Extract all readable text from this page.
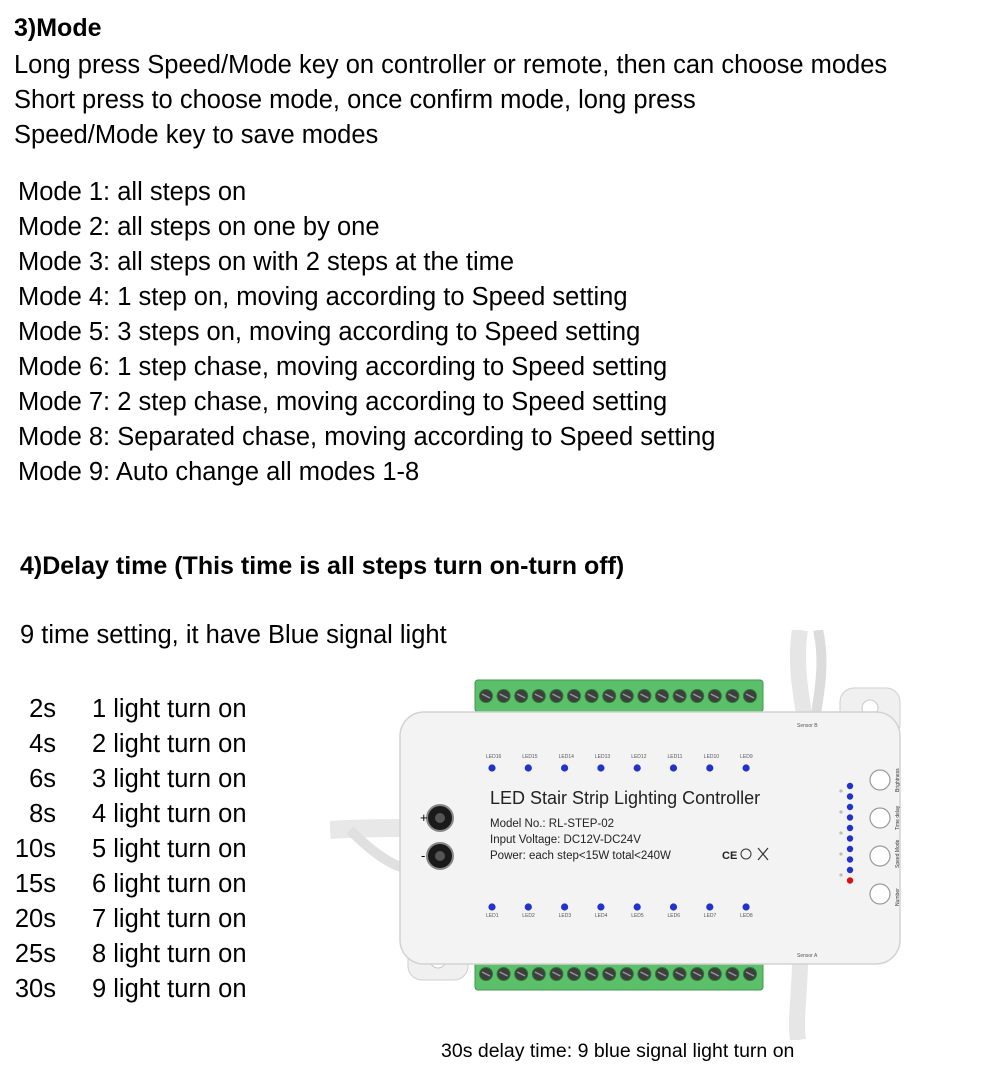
3)Mode
Long press Speed/Mode key on controller or remote, then can choose modes
Short press to choose mode, once confirm mode, long press
Speed/Mode key to save modes
Mode 1: all steps on
Mode 2: all steps on one by one
Mode 3: all steps on with 2 steps at the time
Mode 4: 1 step on, moving according to Speed setting
Mode 5: 3 steps on, moving according to Speed setting
Mode 6: 1 step chase, moving according to Speed setting
Mode 7: 2 step chase, moving according to Speed setting
Mode 8: Separated chase, moving according to Speed setting
Mode 9: Auto change all modes 1-8
4)Delay time (This time is all steps turn on-turn off)
9 time setting, it have Blue signal light
2s 1 light turn on
4s 2 light turn on
6s 3 light turn on
8s 4 light turn on
10s 5 light turn on
15s 6 light turn on
20s 7 light turn on
25s 8 light turn on
30s 9 light turn on
+
-
LED Stair Strip Lighting Controller
Model No.: RL-STEP-02
Input Voltage: DC12V-DC24V
Power: each step<15W total<240W	CE
Sensor B
Sensor A
LED16	LED15	LED14	LED13	LED12	LED11	LED10	LED9
LED1	LED2	LED3	LED4	LED5	LED6	LED7	LED8
Brightness
Time delay
Speed Mode
Number
30s delay time: 9 blue signal light turn on
